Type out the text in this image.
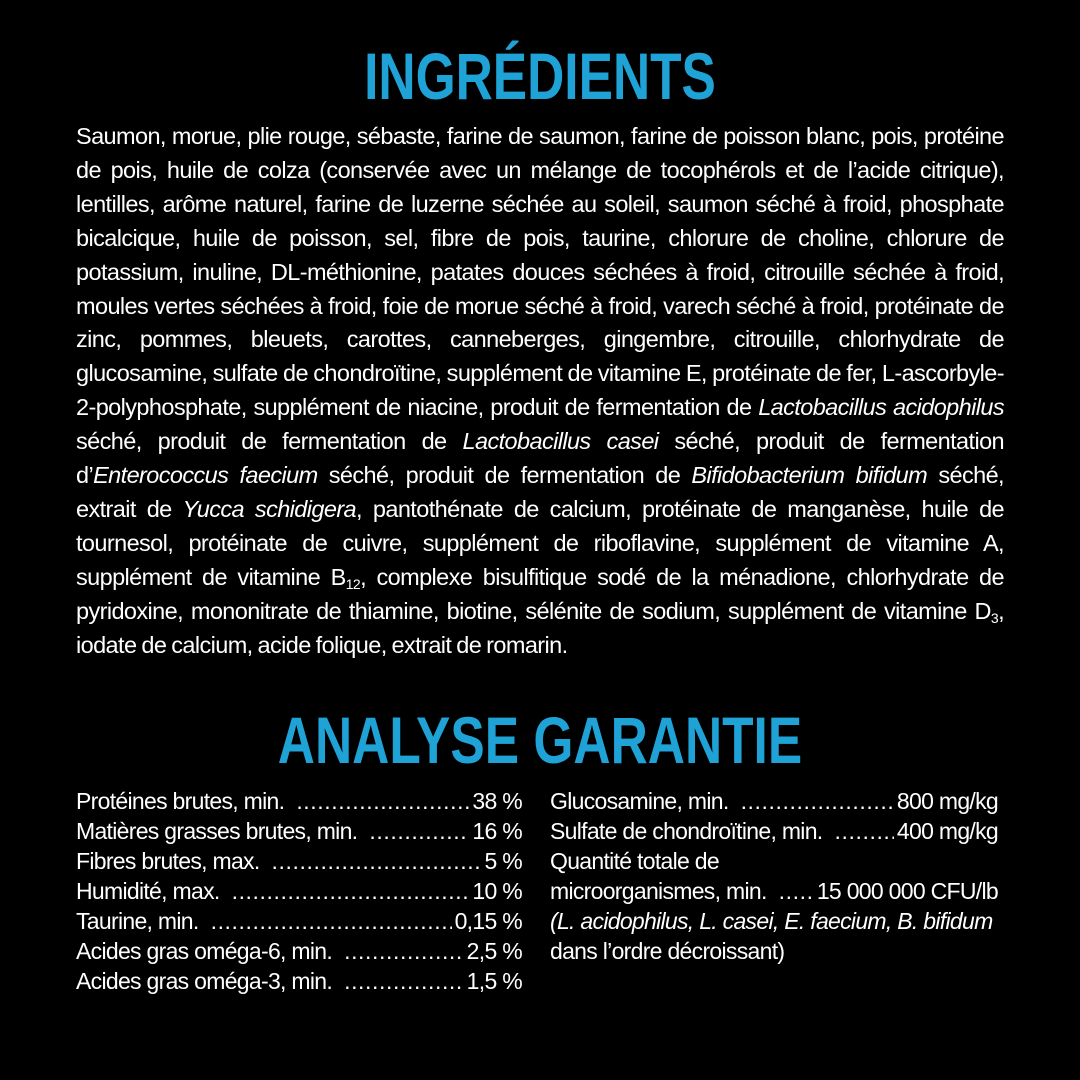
INGRÉDIENTS
Saumon, morue, plie rouge, sébaste, farine de saumon, farine de poisson blanc, pois, protéine de pois, huile de colza (conservée avec un mélange de tocophérols et de l’acide citrique), lentilles, arôme naturel, farine de luzerne séchée au soleil, saumon séché à froid, phosphate bicalcique, huile de poisson, sel, fibre de pois, taurine, chlorure de choline, chlorure de potassium, inuline, DL-méthionine, patates douces séchées à froid, citrouille séchée à froid, moules vertes séchées à froid, foie de morue séché à froid, varech séché à froid, protéinate de zinc, pommes, bleuets, carottes, canneberges, gingembre, citrouille, chlorhydrate de glucosamine, sulfate de chondroïtine, supplément de vitamine E, protéinate de fer, L-ascorbyle-2-polyphosphate, supplément de niacine, produit de fermentation de Lactobacillus acidophilus séché, produit de fermentation de Lactobacillus casei séché, produit de fermentation d’Enterococcus faecium séché, produit de fermentation de Bifidobacterium bifidum séché, extrait de Yucca schidigera, pantothénate de calcium, protéinate de manganèse, huile de tournesol, protéinate de cuivre, supplément de riboflavine, supplément de vitamine A, supplément de vitamine $B_{12}$, complexe bisulfitique sodé de la ménadione, chlorhydrate de pyridoxine, mononitrate de thiamine, biotine, sélénite de sodium, supplément de vitamine $D_3$, iodate de calcium, acide folique, extrait de romarin.
ANALYSE GARANTIE
Protéines brutes, min. .....	38 %
Matières grasses brutes, min. .....	16 %
Fibres brutes, max. .....	5 %
Humidité, max. .....	10 %
Taurine, min. .....	0,15 %
Acides gras oméga-6, min. .....	2,5 %
Acides gras oméga-3, min. .....	1,5 %
Glucosamine, min. .....	800 mg/kg
Sulfate de chondroïtine, min. .....	400 mg/kg
Quantité totale de
microorganismes, min. ..... 15 000 000 CFU/lb
(L. acidophilus, L. casei, E. faecium, B. bifidum
dans l’ordre décroissant)
